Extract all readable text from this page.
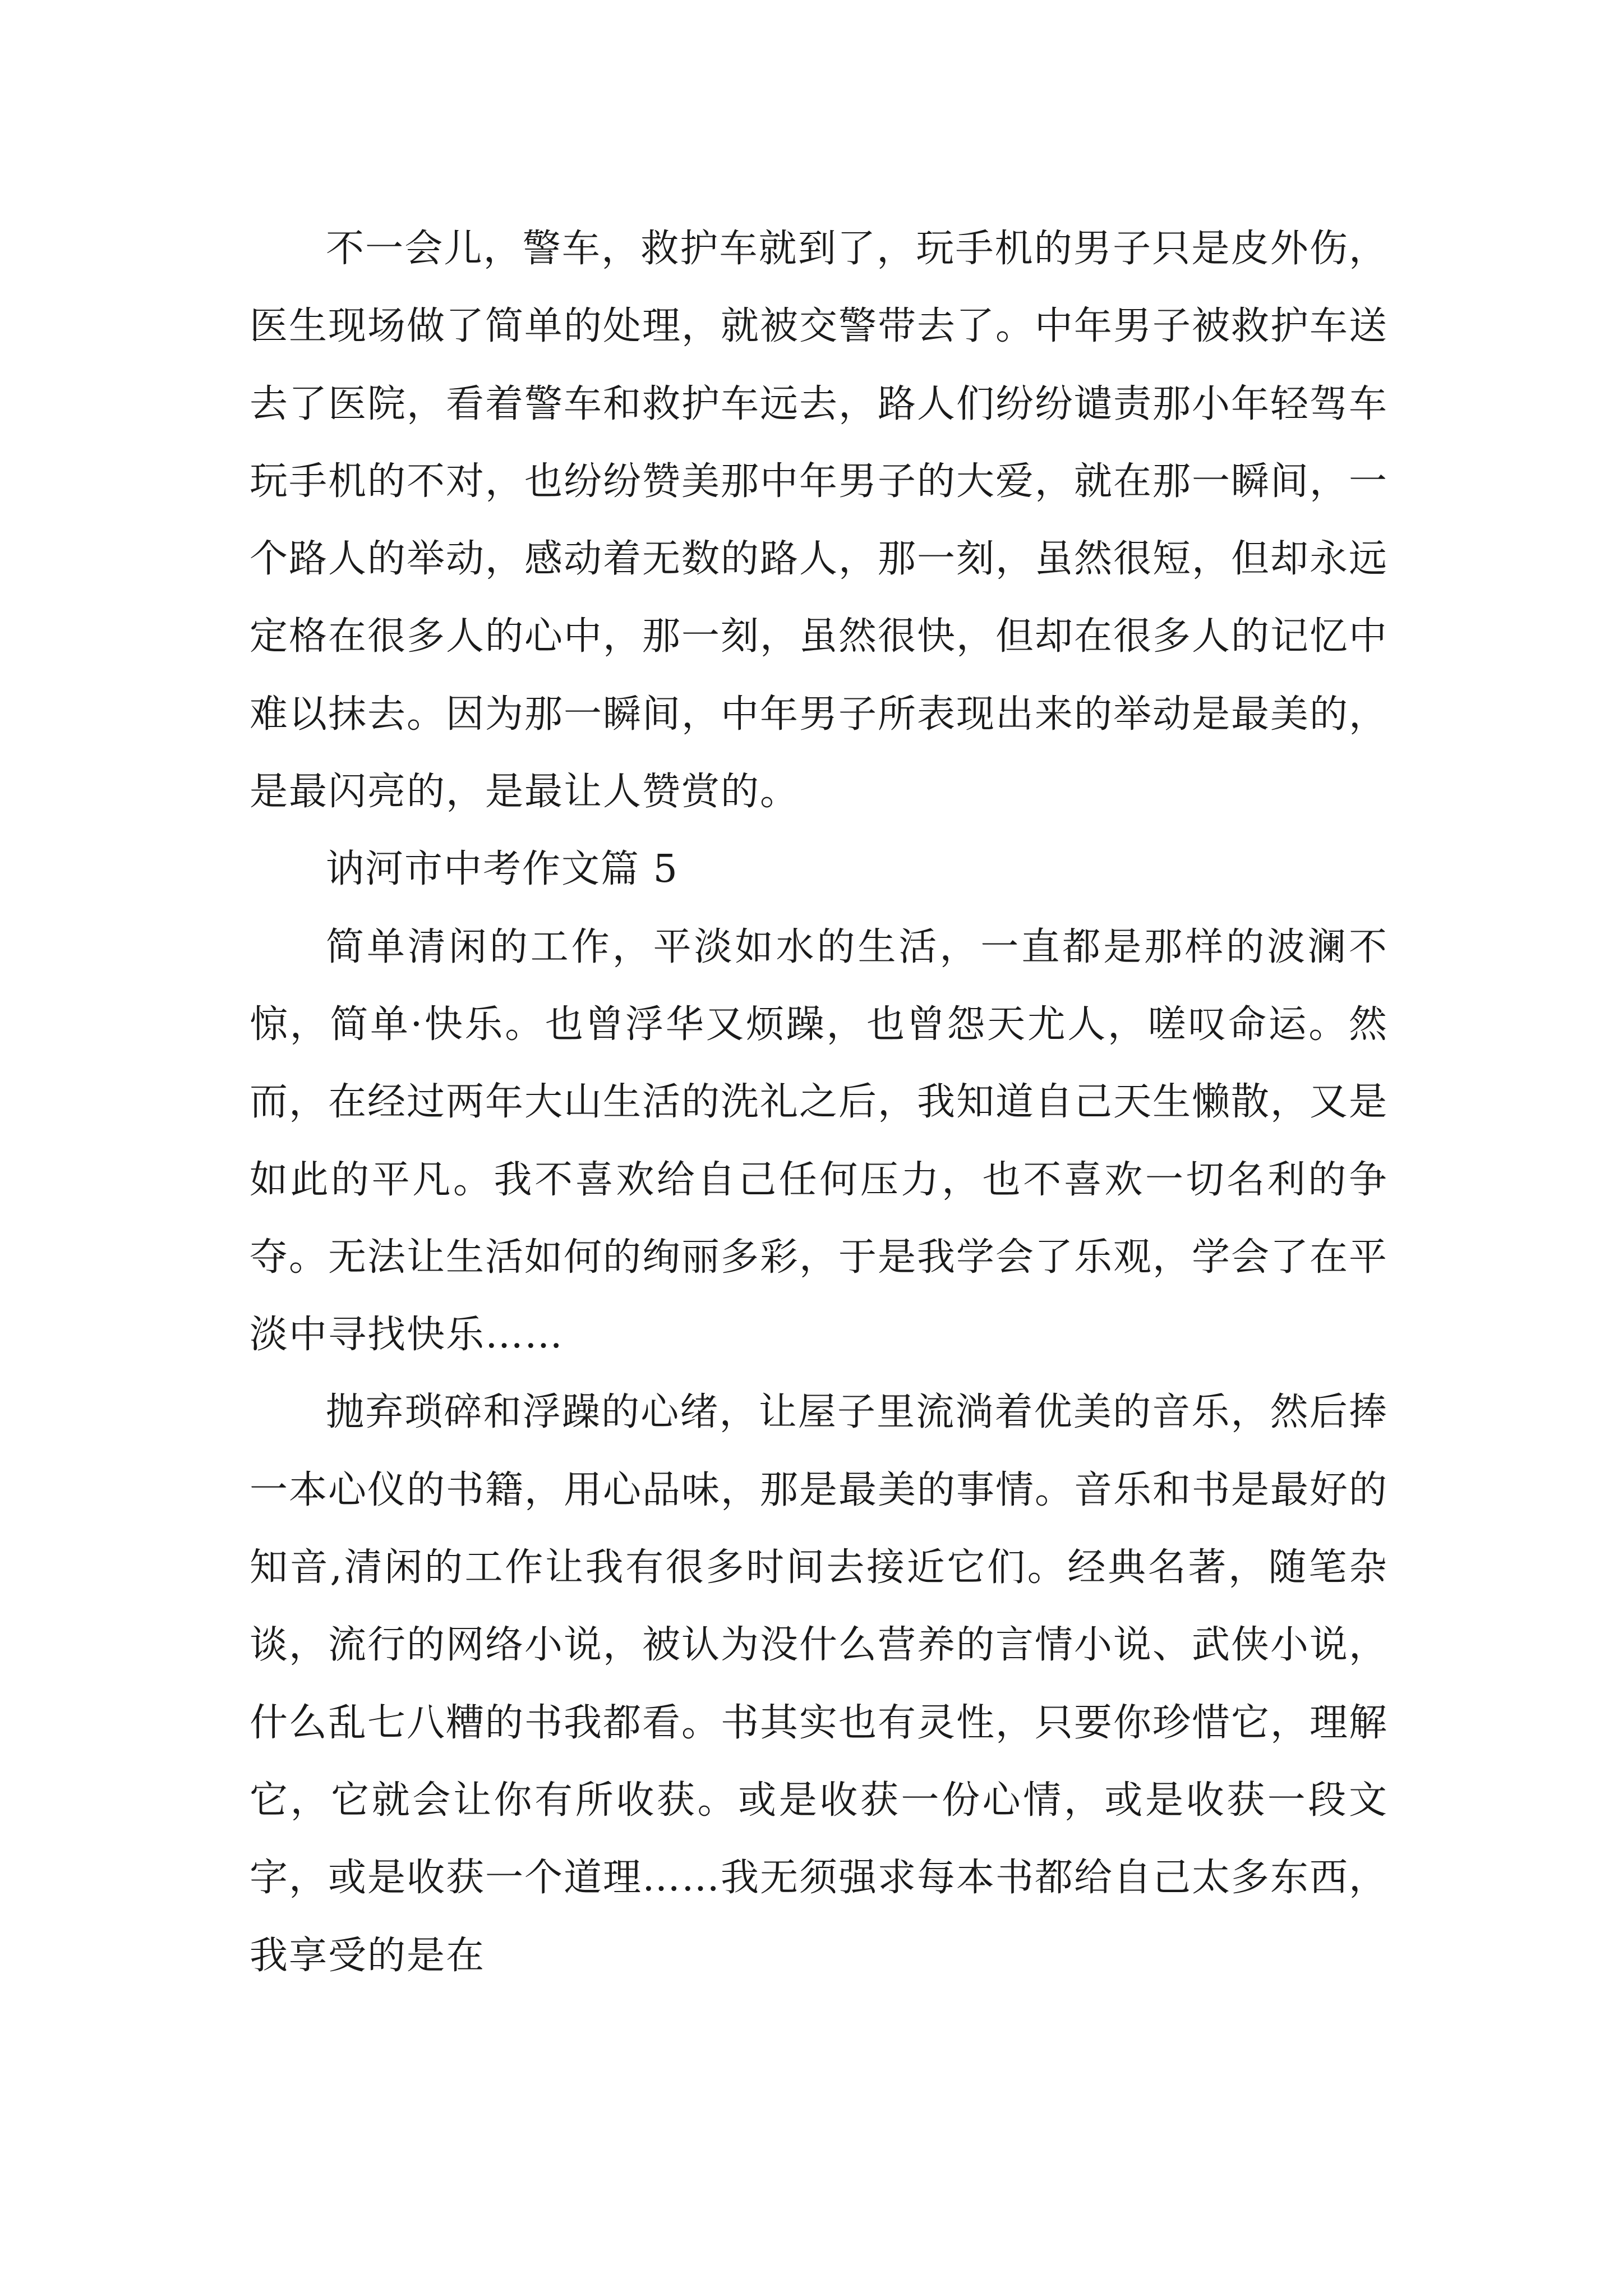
不一会儿，警车，救护车就到了，玩手机的男子只是皮外伤，医生现场做了简单的处理，就被交警带去了。中年男子被救护车送去了医院，看着警车和救护车远去，路人们纷纷谴责那小年轻驾车玩手机的不对，也纷纷赞美那中年男子的大爱，就在那一瞬间，一个路人的举动，感动着无数的路人，那一刻，虽然很短，但却永远定格在很多人的心中，那一刻，虽然很快，但却在很多人的记忆中难以抹去。因为那一瞬间，中年男子所表现出来的举动是最美的，是最闪亮的，是最让人赞赏的。

讷河市中考作文篇 5

简单清闲的工作，平淡如水的生活，一直都是那样的波澜不惊，简单·快乐。也曾浮华又烦躁，也曾怨天尤人，嗟叹命运。然而，在经过两年大山生活的洗礼之后，我知道自己天生懒散，又是如此的平凡。我不喜欢给自己任何压力，也不喜欢一切名利的争夺。无法让生活如何的绚丽多彩，于是我学会了乐观，学会了在平淡中寻找快乐……

抛弃琐碎和浮躁的心绪，让屋子里流淌着优美的音乐，然后捧一本心仪的书籍，用心品味，那是最美的事情。音乐和书是最好的知音,清闲的工作让我有很多时间去接近它们。经典名著，随笔杂谈，流行的网络小说，被认为没什么营养的言情小说、武侠小说，什么乱七八糟的书我都看。书其实也有灵性，只要你珍惜它，理解它，它就会让你有所收获。或是收获一份心情，或是收获一段文字，或是收获一个道理……我无须强求每本书都给自己太多东西，我享受的是在
